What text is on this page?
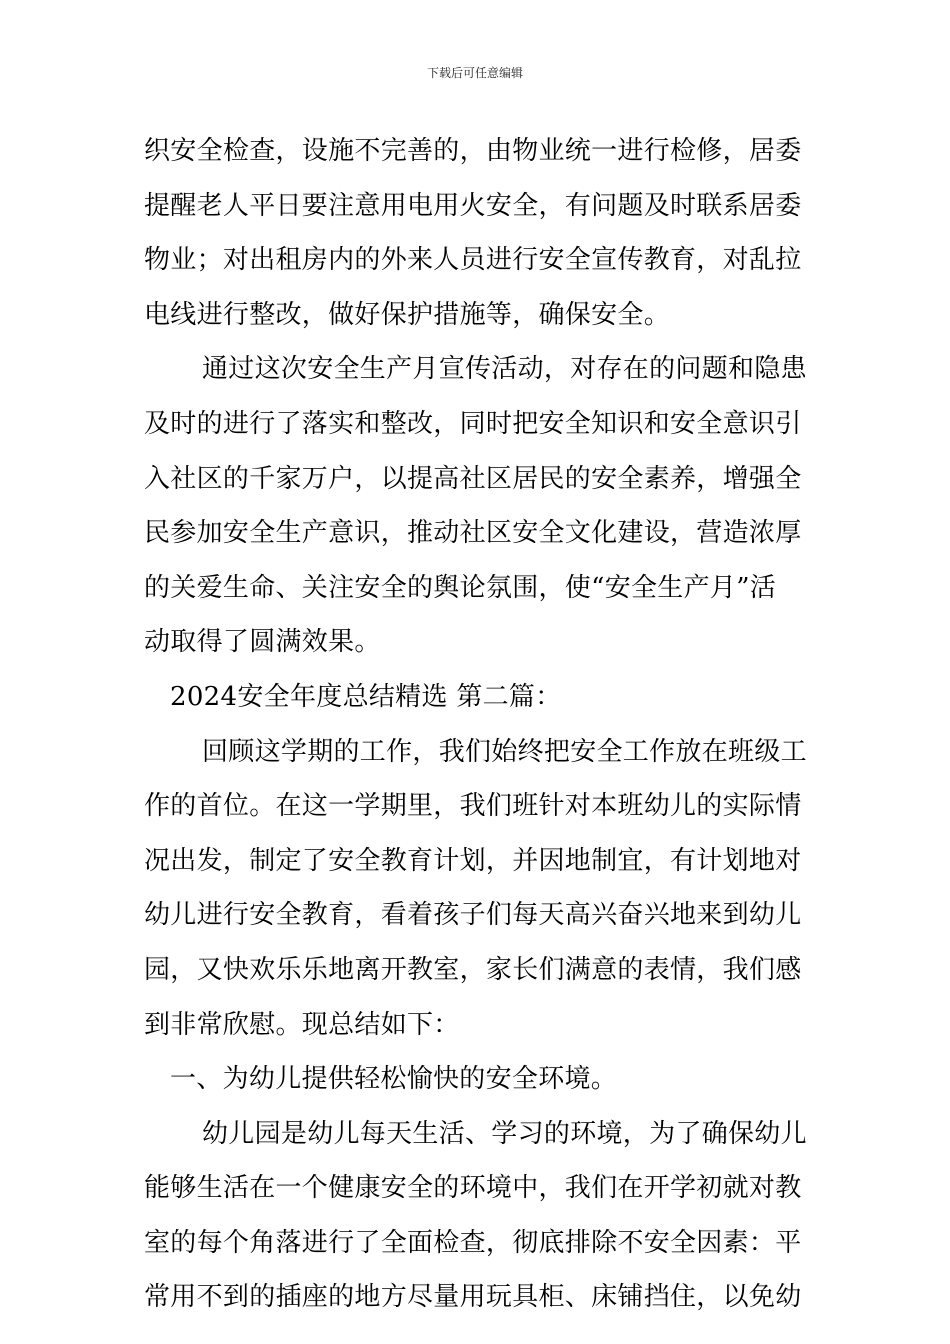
下载后可任意编辑

织安全检查，设施不完善的，由物业统一进行检修，居委
提醒老人平日要注意用电用火安全，有问题及时联系居委
物业；对出租房内的外来人员进行安全宣传教育，对乱拉
电线进行整改，做好保护措施等，确保安全。

通过这次安全生产月宣传活动，对存在的问题和隐患
及时的进行了落实和整改，同时把安全知识和安全意识引
入社区的千家万户，以提高社区居民的安全素养，增强全
民参加安全生产意识，推动社区安全文化建设，营造浓厚
的关爱生命、关注安全的舆论氛围，使“安全生产月”活
动取得了圆满效果。

2024安全年度总结精选 第二篇：

回顾这学期的工作，我们始终把安全工作放在班级工
作的首位。在这一学期里，我们班针对本班幼儿的实际情
况出发，制定了安全教育计划，并因地制宜，有计划地对
幼儿进行安全教育，看着孩子们每天高兴奋兴地来到幼儿
园，又快欢乐乐地离开教室，家长们满意的表情，我们感
到非常欣慰。现总结如下：

一、为幼儿提供轻松愉快的安全环境。

幼儿园是幼儿每天生活、学习的环境，为了确保幼儿
能够生活在一个健康安全的环境中，我们在开学初就对教
室的每个角落进行了全面检查，彻底排除不安全因素：平
常用不到的插座的地方尽量用玩具柜、床铺挡住，以免幼
